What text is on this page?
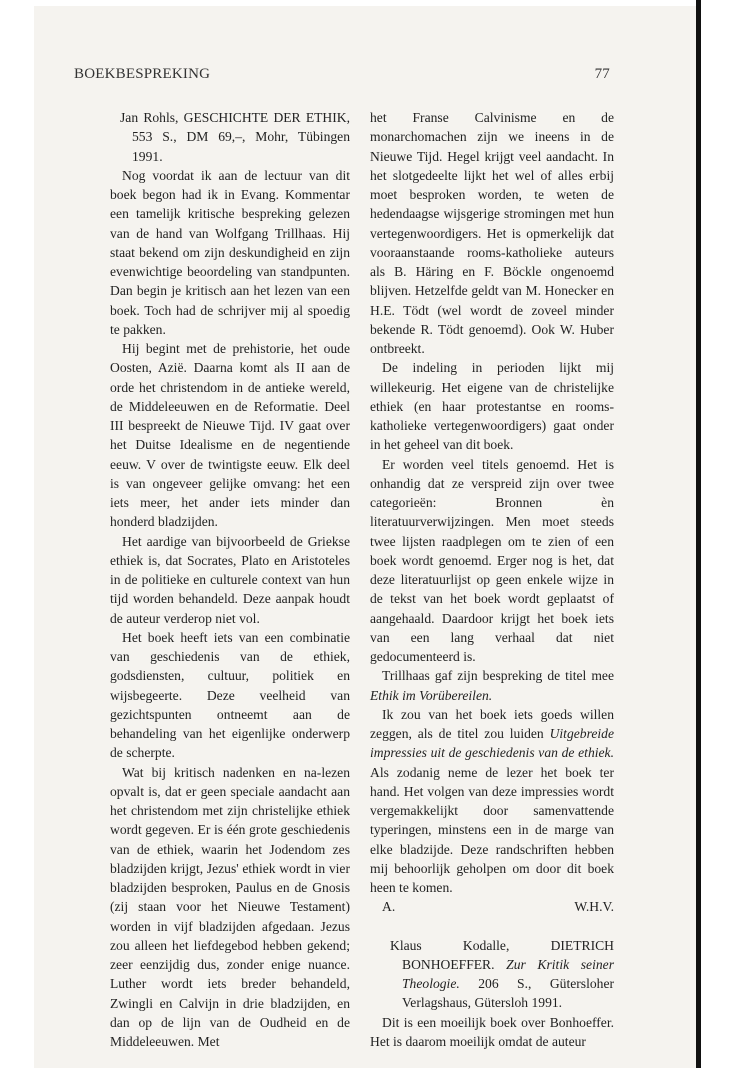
BOEKBESPREKING	77

Jan Rohls, GESCHICHTE DER ETHIK, 553 S., DM 69,–, Mohr, Tübingen 1991.

Nog voordat ik aan de lectuur van dit boek begon had ik in Evang. Kommentar een tamelijk kritische bespreking gelezen van de hand van Wolfgang Trillhaas. Hij staat bekend om zijn deskundigheid en zijn evenwichtige beoordeling van standpunten. Dan begin je kritisch aan het lezen van een boek. Toch had de schrijver mij al spoedig te pakken.

Hij begint met de prehistorie, het oude Oosten, Azië. Daarna komt als II aan de orde het christendom in de antieke wereld, de Middeleeuwen en de Reformatie. Deel III bespreekt de Nieuwe Tijd. IV gaat over het Duitse Idealisme en de negentiende eeuw. V over de twintigste eeuw. Elk deel is van ongeveer gelijke omvang: het een iets meer, het ander iets minder dan honderd bladzijden.

Het aardige van bijvoorbeeld de Griekse ethiek is, dat Socrates, Plato en Aristoteles in de politieke en culturele context van hun tijd worden behandeld. Deze aanpak houdt de auteur verderop niet vol.

Het boek heeft iets van een combinatie van geschiedenis van de ethiek, godsdiensten, cultuur, politiek en wijsbegeerte. Deze veelheid van gezichtspunten ontneemt aan de behandeling van het eigenlijke onderwerp de scherpte.

Wat bij kritisch nadenken en na-lezen opvalt is, dat er geen speciale aandacht aan het christendom met zijn christelijke ethiek wordt gegeven. Er is één grote geschiedenis van de ethiek, waarin het Jodendom zes bladzijden krijgt, Jezus' ethiek wordt in vier bladzijden besproken, Paulus en de Gnosis (zij staan voor het Nieuwe Testament) worden in vijf bladzijden afgedaan. Jezus zou alleen het liefdegebod hebben gekend; zeer eenzijdig dus, zonder enige nuance. Luther wordt iets breder behandeld, Zwingli en Calvijn in drie bladzijden, en dan op de lijn van de Oudheid en de Middeleeuwen. Met

het Franse Calvinisme en de monarchomachen zijn we ineens in de Nieuwe Tijd. Hegel krijgt veel aandacht. In het slotgedeelte lijkt het wel of alles erbij moet besproken worden, te weten de hedendaagse wijsgerige stromingen met hun vertegenwoordigers. Het is opmerkelijk dat vooraanstaande rooms-katholieke auteurs als B. Häring en F. Böckle ongenoemd blijven. Hetzelfde geldt van M. Honecker en H.E. Tödt (wel wordt de zoveel minder bekende R. Tödt genoemd). Ook W. Huber ontbreekt.

De indeling in perioden lijkt mij willekeurig. Het eigene van de christelijke ethiek (en haar protestantse en rooms-katholieke vertegenwoordigers) gaat onder in het geheel van dit boek.

Er worden veel titels genoemd. Het is onhandig dat ze verspreid zijn over twee categorieën: Bronnen èn literatuurverwijzingen. Men moet steeds twee lijsten raadplegen om te zien of een boek wordt genoemd. Erger nog is het, dat deze literatuurlijst op geen enkele wijze in de tekst van het boek wordt geplaatst of aangehaald. Daardoor krijgt het boek iets van een lang verhaal dat niet gedocumenteerd is.

Trillhaas gaf zijn bespreking de titel mee Ethik im Vorübereilen.

Ik zou van het boek iets goeds willen zeggen, als de titel zou luiden Uitgebreide impressies uit de geschiedenis van de ethiek. Als zodanig neme de lezer het boek ter hand. Het volgen van deze impressies wordt vergemakkelijkt door samenvattende typeringen, minstens een in de marge van elke bladzijde. Deze randschriften hebben mij behoorlijk geholpen om door dit boek heen te komen.

A.	W.H.V.

Klaus Kodalle,	DIETRICH BONHOEFFER. Zur Kritik seiner Theologie. 206 S., Gütersloher Verlagshaus, Gütersloh 1991.

Dit is een moeilijk boek over Bonhoeffer. Het is daarom moeilijk omdat de auteur
